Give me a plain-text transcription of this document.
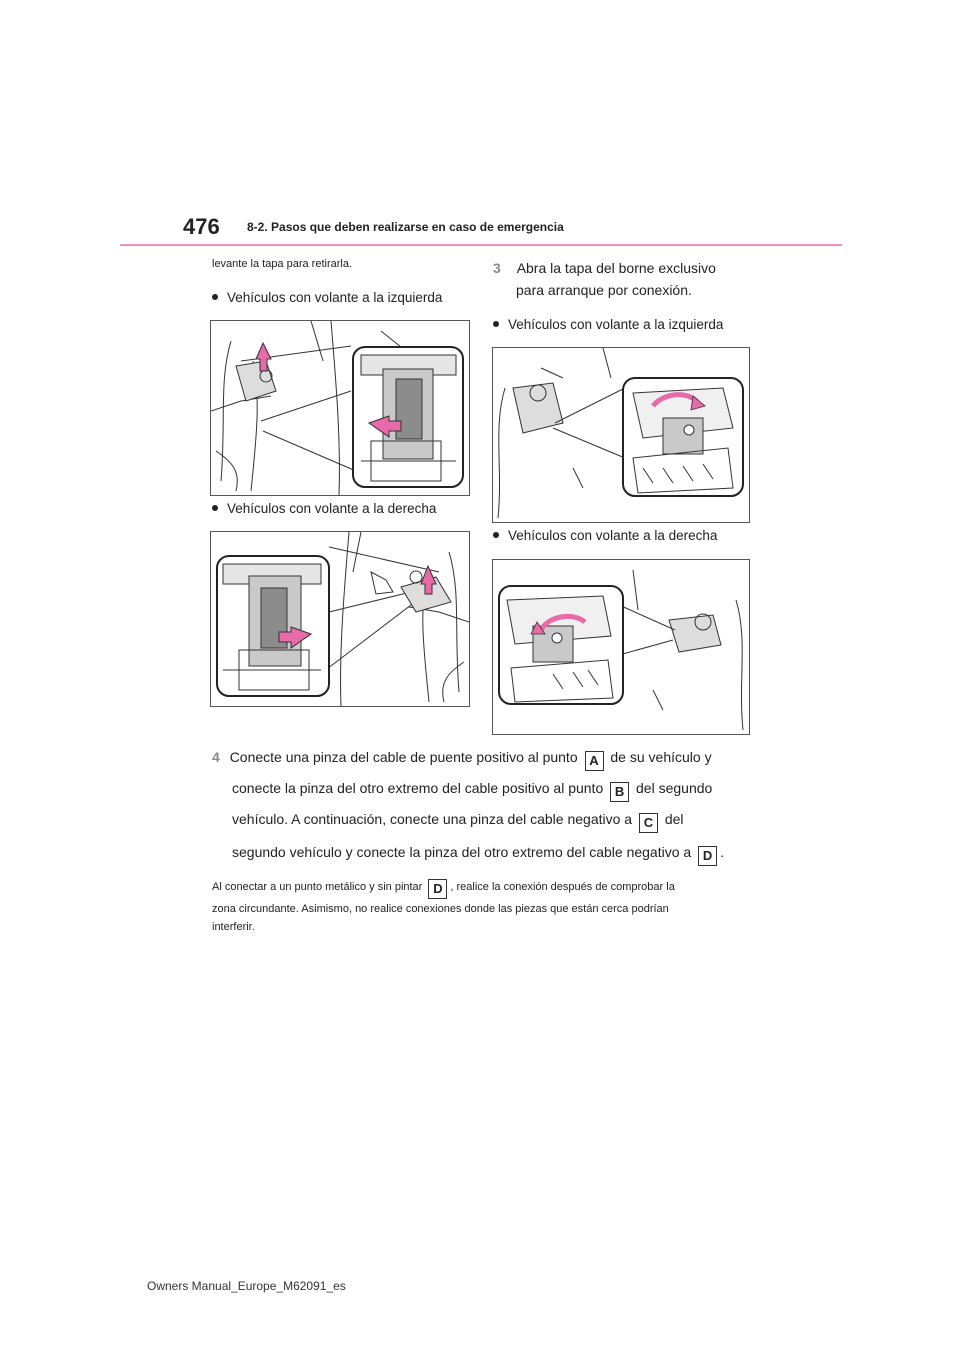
476 8-2. Pasos que deben realizarse en caso de emergencia
levante la tapa para retirarla.
Vehículos con volante a la izquierda
Vehículos con volante a la derecha
3 Abra la tapa del borne exclusivo
para arranque por conexión.
Vehículos con volante a la izquierda
Vehículos con volante a la derecha
4 Conecte una pinza del cable de puente positivo al punto A de su vehículo y
conecte la pinza del otro extremo del cable positivo al punto B del segundo
vehículo. A continuación, conecte una pinza del cable negativo a C del
segundo vehículo y conecte la pinza del otro extremo del cable negativo a D .
Al conectar a un punto metálico y sin pintar D , realice la conexión después de comprobar la
zona circundante. Asimismo, no realice conexiones donde las piezas que están cerca podrían
interferir.
Owners Manual_Europe_M62091_es
